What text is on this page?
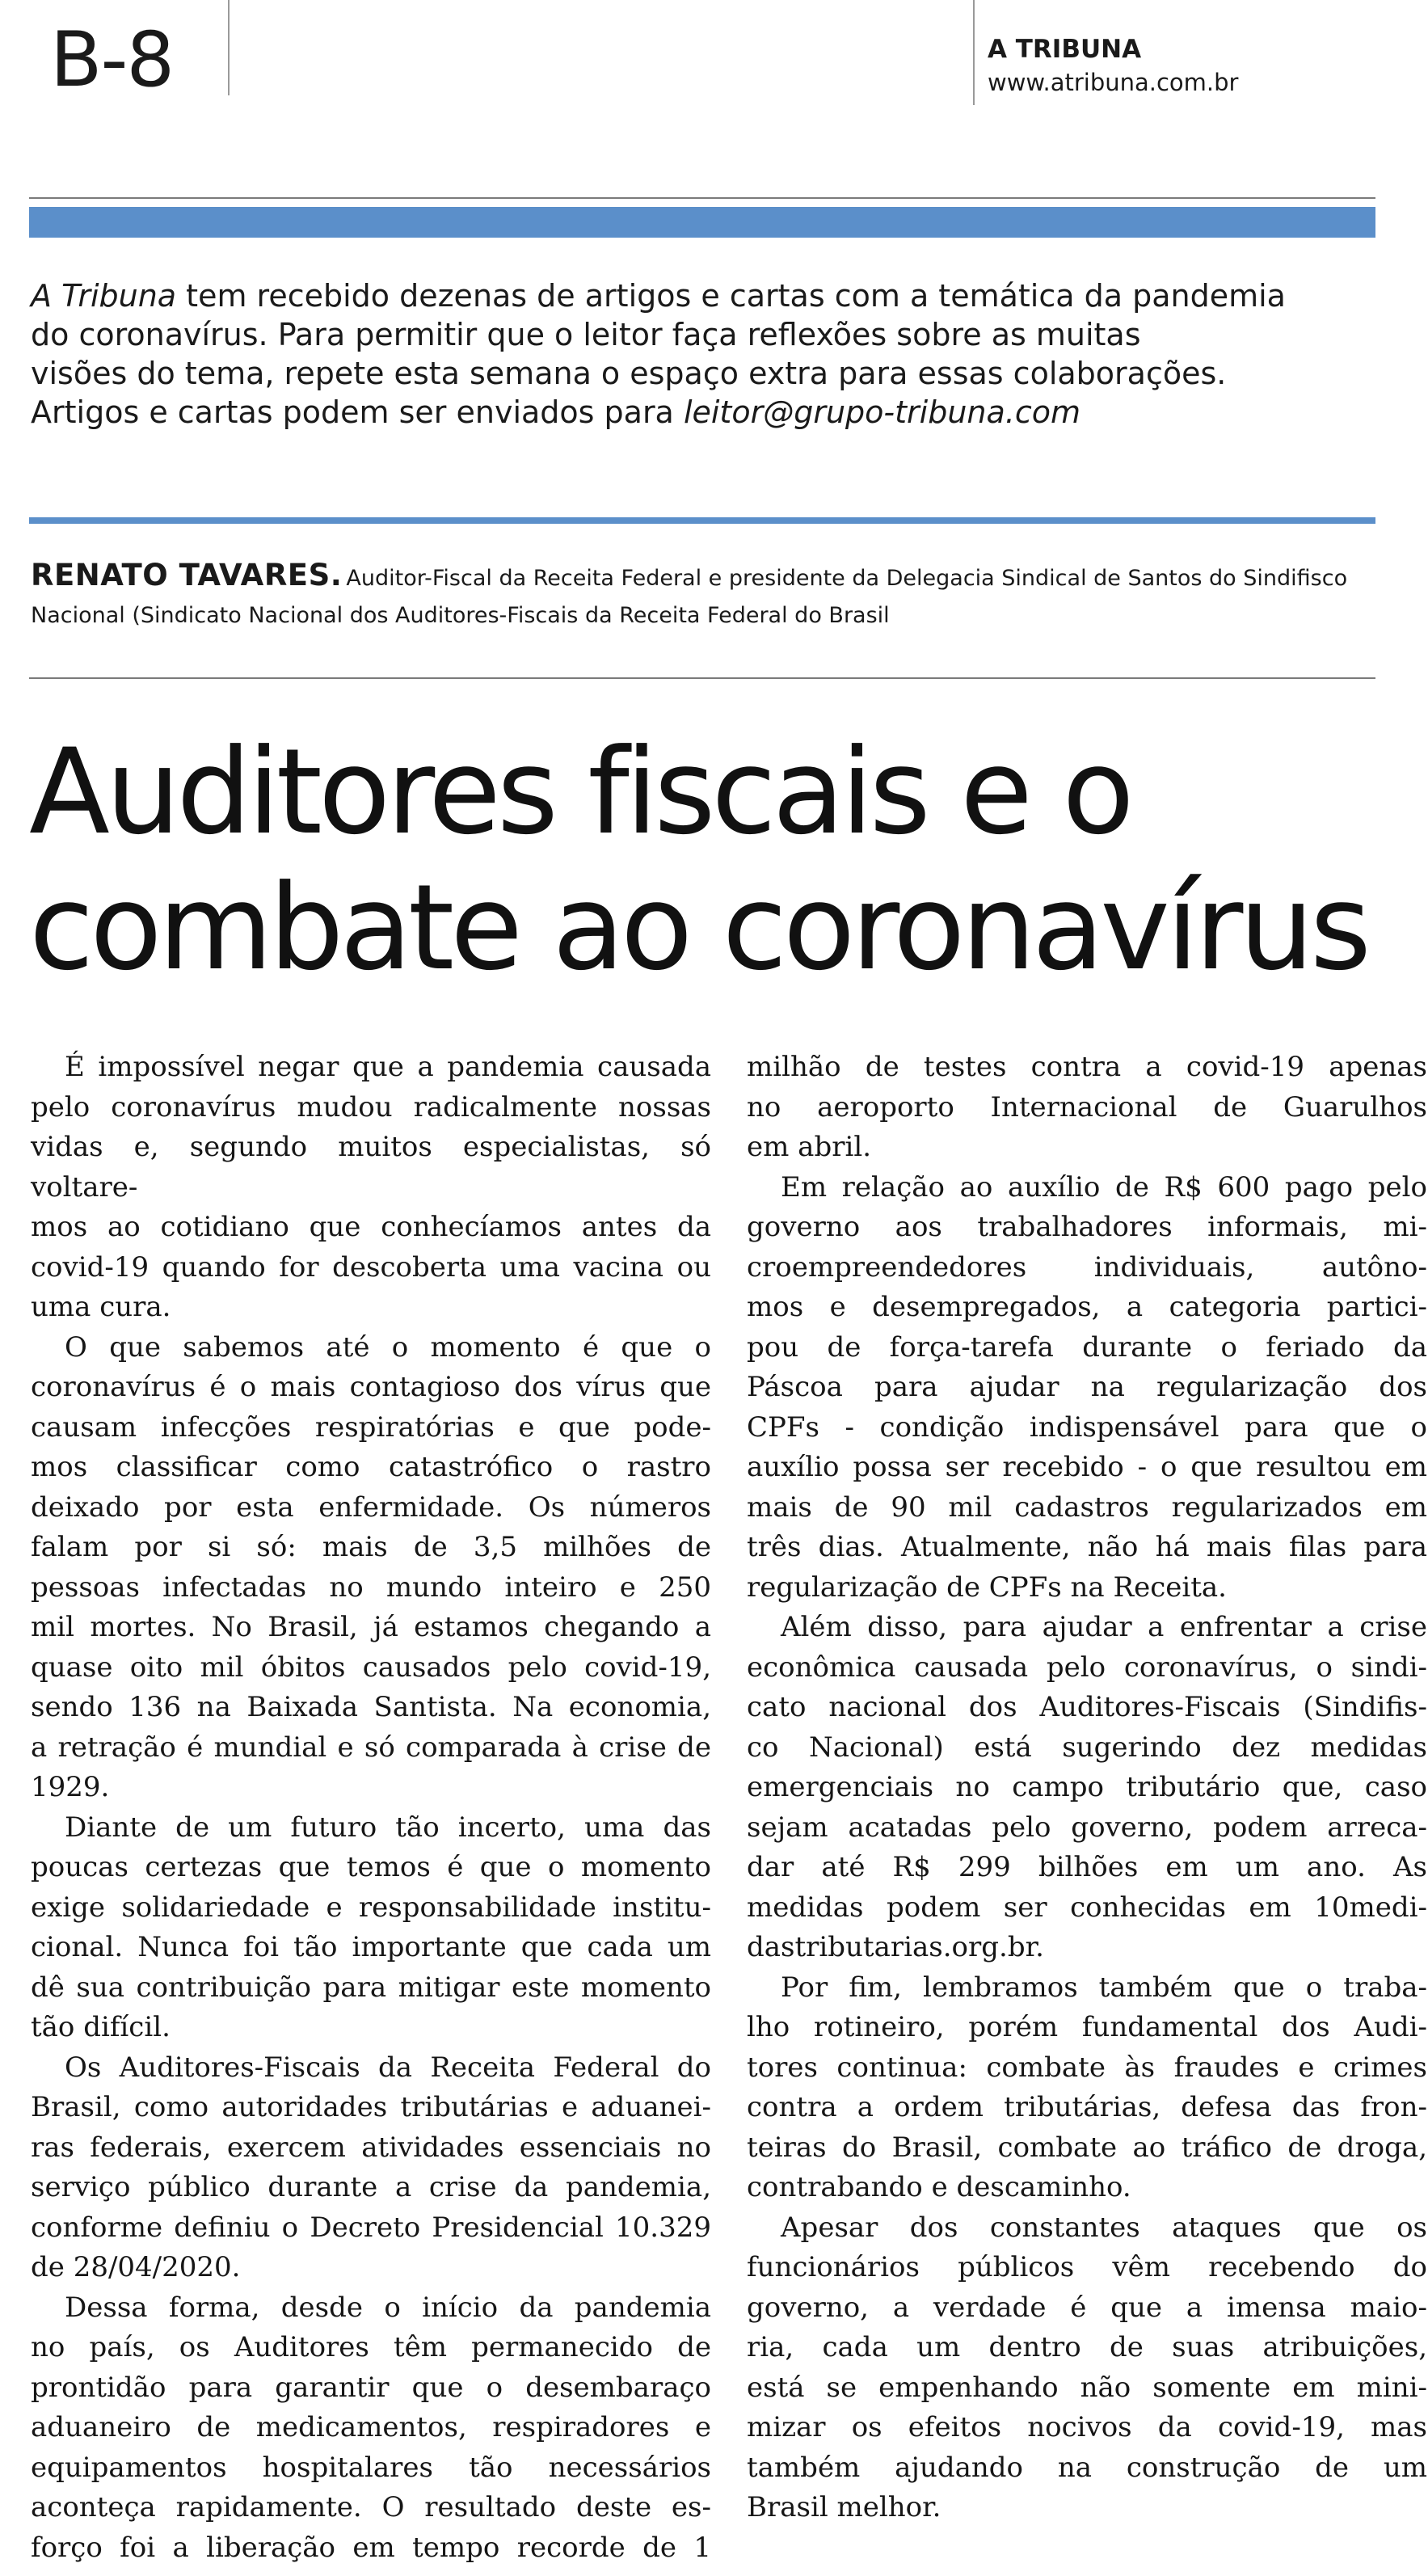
B-8	A TRIBUNA
www.atribuna.com.br
A Tribuna tem recebido dezenas de artigos e cartas com a temática da pandemia
do coronavírus. Para permitir que o leitor faça reflexões sobre as muitas
visões do tema, repete esta semana o espaço extra para essas colaborações.
Artigos e cartas podem ser enviados para leitor@grupo-tribuna.com
RENATO TAVARES. Auditor-Fiscal da Receita Federal e presidente da Delegacia Sindical de Santos do Sindifisco
Nacional (Sindicato Nacional dos Auditores-Fiscais da Receita Federal do Brasil
Auditores fiscais e o
combate ao coronavírus
É impossível negar que a pandemia causada
pelo coronavírus mudou radicalmente nossas
vidas e, segundo muitos especialistas, só voltare-
mos ao cotidiano que conhecíamos antes da
covid-19 quando for descoberta uma vacina ou
uma cura.
O que sabemos até o momento é que o
coronavírus é o mais contagioso dos vírus que
causam infecções respiratórias e que pode-
mos classificar como catastrófico o rastro
deixado por esta enfermidade. Os números
falam por si só: mais de 3,5 milhões de
pessoas infectadas no mundo inteiro e 250
mil mortes. No Brasil, já estamos chegando a
quase oito mil óbitos causados pelo covid-19,
sendo 136 na Baixada Santista. Na economia,
a retração é mundial e só comparada à crise de
1929.
Diante de um futuro tão incerto, uma das
poucas certezas que temos é que o momento
exige solidariedade e responsabilidade institu-
cional. Nunca foi tão importante que cada um
dê sua contribuição para mitigar este momento
tão difícil.
Os Auditores-Fiscais da Receita Federal do
Brasil, como autoridades tributárias e aduanei-
ras federais, exercem atividades essenciais no
serviço público durante a crise da pandemia,
conforme definiu o Decreto Presidencial 10.329
de 28/04/2020.
Dessa forma, desde o início da pandemia
no país, os Auditores têm permanecido de
prontidão para garantir que o desembaraço
aduaneiro de medicamentos, respiradores e
equipamentos hospitalares tão necessários
aconteça rapidamente. O resultado deste es-
forço foi a liberação em tempo recorde de 1
milhão de testes contra a covid-19 apenas
no aeroporto Internacional de Guarulhos
em abril.
Em relação ao auxílio de R$ 600 pago pelo
governo aos trabalhadores informais, mi-
croempreendedores individuais, autôno-
mos e desempregados, a categoria partici-
pou de força-tarefa durante o feriado da
Páscoa para ajudar na regularização dos
CPFs - condição indispensável para que o
auxílio possa ser recebido - o que resultou em
mais de 90 mil cadastros regularizados em
três dias. Atualmente, não há mais filas para
regularização de CPFs na Receita.
Além disso, para ajudar a enfrentar a crise
econômica causada pelo coronavírus, o sindi-
cato nacional dos Auditores-Fiscais (Sindifis-
co Nacional) está sugerindo dez medidas
emergenciais no campo tributário que, caso
sejam acatadas pelo governo, podem arreca-
dar até R$ 299 bilhões em um ano. As
medidas podem ser conhecidas em 10medi-
dastributarias.org.br.
Por fim, lembramos também que o traba-
lho rotineiro, porém fundamental dos Audi-
tores continua: combate às fraudes e crimes
contra a ordem tributárias, defesa das fron-
teiras do Brasil, combate ao tráfico de droga,
contrabando e descaminho.
Apesar dos constantes ataques que os
funcionários públicos vêm recebendo do
governo, a verdade é que a imensa maio-
ria, cada um dentro de suas atribuições,
está se empenhando não somente em mini-
mizar os efeitos nocivos da covid-19, mas
também ajudando na construção de um
Brasil melhor.
